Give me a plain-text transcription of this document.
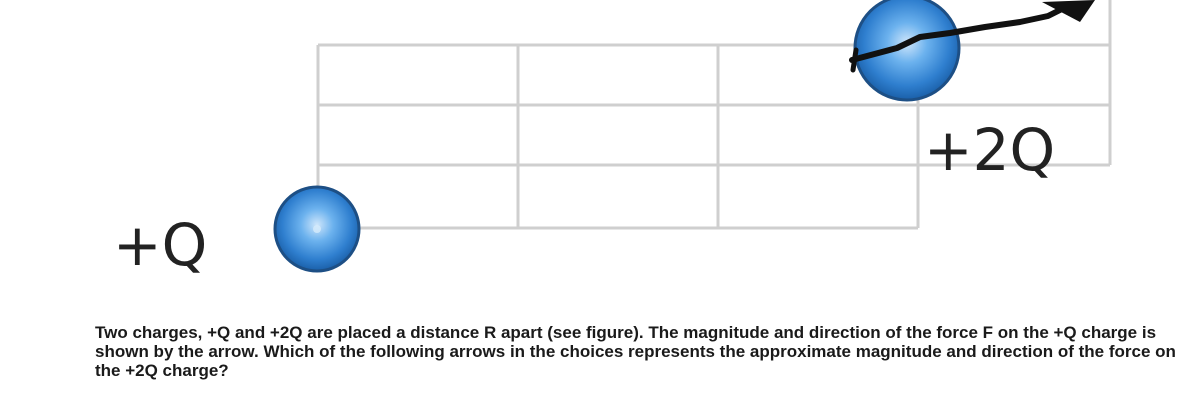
+Q
+2Q

Two charges, +Q and +2Q are placed a distance R apart (see figure). The magnitude and direction of the force F on the +Q charge is shown by the arrow. Which of the following arrows in the choices represents the approximate magnitude and direction of the force on the +2Q charge?
